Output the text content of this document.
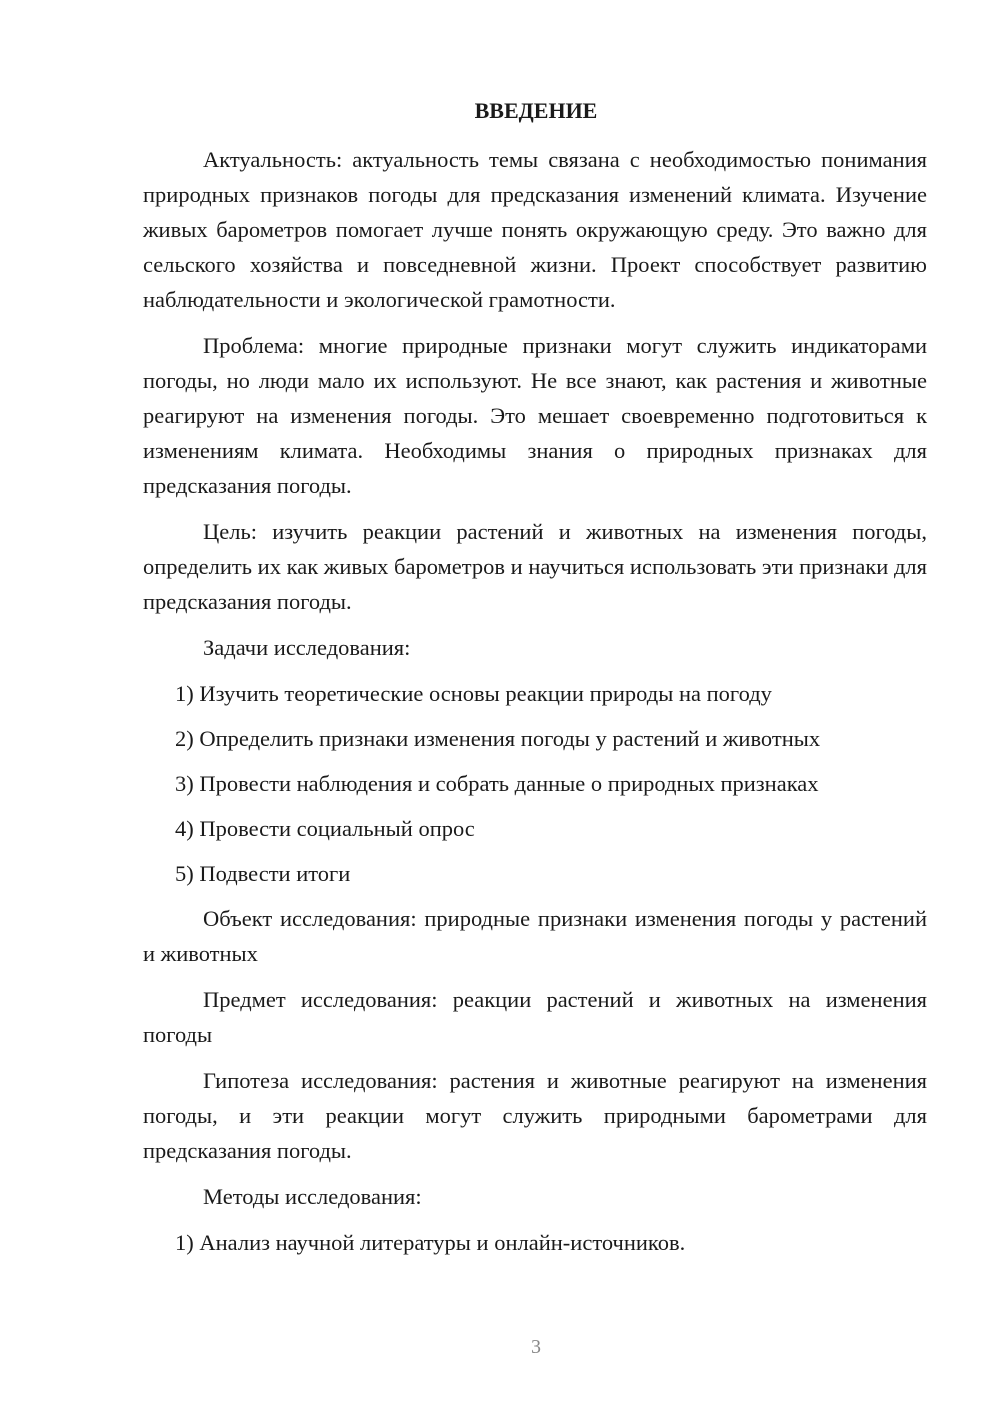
ВВЕДЕНИЕ

Актуальность: актуальность темы связана с необходимостью понимания природных признаков погоды для предсказания изменений климата. Изучение живых барометров помогает лучше понять окружающую среду. Это важно для сельского хозяйства и повседневной жизни. Проект способствует развитию наблюдательности и экологической грамотности.

Проблема: многие природные признаки могут служить индикаторами погоды, но люди мало их используют. Не все знают, как растения и животные реагируют на изменения погоды. Это мешает своевременно подготовиться к изменениям климата. Необходимы знания о природных признаках для предсказания погоды.

Цель: изучить реакции растений и животных на изменения погоды, определить их как живых барометров и научиться использовать эти признаки для предсказания погоды.

Задачи исследования:

1) Изучить теоретические основы реакции природы на погоду

2) Определить признаки изменения погоды у растений и животных

3) Провести наблюдения и собрать данные о природных признаках

4) Провести социальный опрос

5) Подвести итоги

Объект исследования: природные признаки изменения погоды у растений и животных

Предмет исследования: реакции растений и животных на изменения погоды

Гипотеза исследования: растения и животные реагируют на изменения погоды, и эти реакции могут служить природными барометрами для предсказания погоды.

Методы исследования:

1) Анализ научной литературы и онлайн-источников.

3
